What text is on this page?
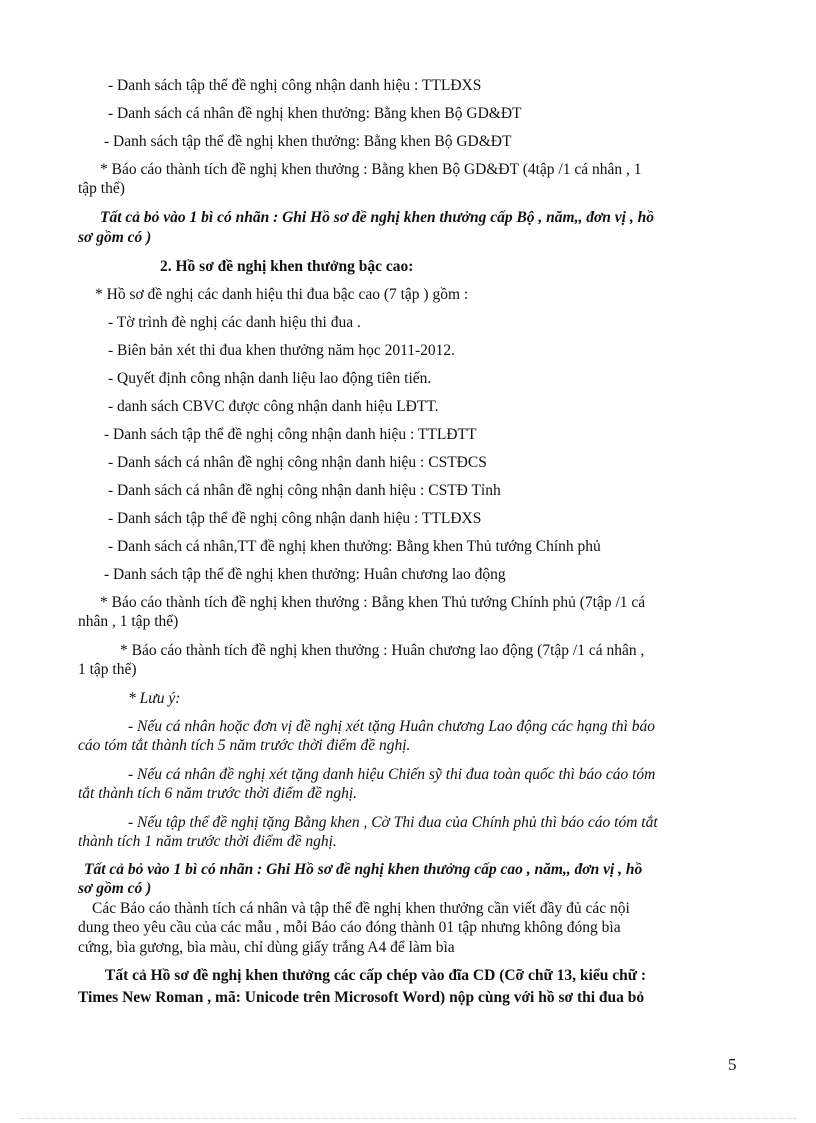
- Danh sách tập thể đề nghị công nhận danh hiệu : TTLĐXS
- Danh sách cá nhân đề nghị khen thưởng: Bằng khen Bộ GD&ĐT
- Danh sách tập thể đề nghị khen thưởng: Bằng khen Bộ GD&ĐT
* Báo cáo thành tích đề nghị khen thưởng : Bằng khen Bộ GD&ĐT (4tập /1 cá nhân , 1
tập thể)
Tất cả bỏ vào 1 bì có nhãn : Ghi Hồ sơ đề nghị khen thưởng cấp Bộ , năm,, đơn vị , hồ
sơ gồm có )
2. Hồ sơ đề nghị khen thưởng bậc cao:
* Hồ sơ đề nghị các danh hiệu thi đua bậc cao (7 tập ) gồm :
- Tờ trình đè nghị các danh hiệu thi đua .
- Biên bản xét thi đua khen thưởng năm học 2011-2012.
- Quyết định công nhận danh liệu lao động tiên tiến.
- danh sách CBVC được công nhận danh hiệu LĐTT.
- Danh sách tập thể đề nghị công nhận danh hiệu : TTLĐTT
- Danh sách cá nhân đề nghị công nhận danh hiệu : CSTĐCS
- Danh sách cá nhân đề nghị công nhận danh hiệu : CSTĐ Tỉnh
- Danh sách tập thể đề nghị công nhận danh hiệu : TTLĐXS
- Danh sách cá nhân,TT đề nghị khen thưởng: Bằng khen Thủ tướng Chính phủ
- Danh sách tập thể đề nghị khen thưởng: Huân chương lao động
* Báo cáo thành tích đề nghị khen thưởng : Bằng khen Thủ tướng Chính phủ (7tập /1 cá
nhân , 1 tập thể)
* Báo cáo thành tích đề nghị khen thưởng : Huân chương lao động (7tập /1 cá nhân ,
1 tập thể)
* Lưu ý:
- Nếu cá nhân hoặc đơn vị đề nghị xét tặng Huân chương Lao động các hạng thì báo
cáo tóm tắt thành tích 5 năm trước thời điểm đề nghị.
- Nếu cá nhân đề nghị xét tặng danh hiệu Chiến sỹ thi đua toàn quốc thì báo cáo tóm
tắt thành tích 6 năm trước thời điểm đề nghị.
- Nếu tập thể đề nghị tặng Bằng khen , Cờ Thi đua của Chính phủ thì báo cáo tóm tắt
thành tích 1 năm trước thời điểm đề nghị.
Tất cả bỏ vào 1 bì có nhãn : Ghi Hồ sơ đề nghị khen thưởng cấp cao , năm,, đơn vị , hồ
sơ gồm có )
Các Báo cáo thành tích cá nhân và tập thể đề nghị khen thưởng cần viết đầy đủ các nội
dung theo yêu cầu của các mẫu , mỗi Báo cáo đóng thành 01 tập nhưng không đóng bìa
cứng, bìa gương, bìa màu, chỉ dùng giấy trắng A4 để làm bìa
Tất cả Hồ sơ đề nghị khen thưởng các cấp chép vào đĩa CD (Cỡ chữ 13, kiểu chữ :
Times New Roman , mã: Unicode trên Microsoft Word) nộp cùng với hồ sơ thi đua bỏ
5
